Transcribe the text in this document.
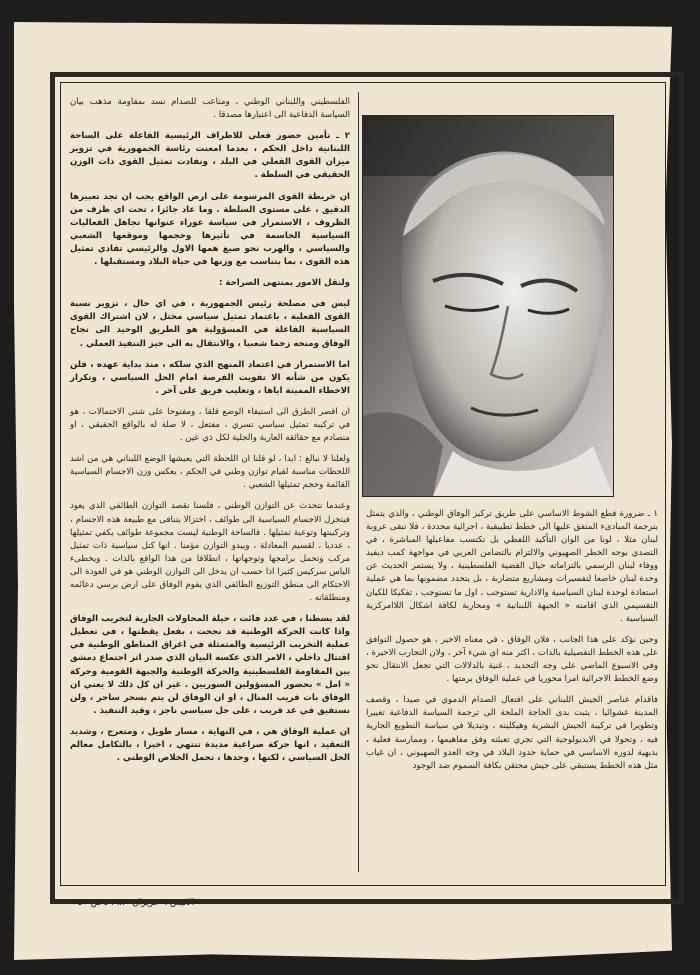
الفلسطيني واللبناني الوطني ، ومتاعب للصدام نسد بمقاومة مذهب بيان السياسة الدفاعية الى اعتبارها مصدقا .

٢ ـ تأمين حضور فعلي للاطراف الرئيسية الفاعلة على الساحة اللبنانية داخل الحكم ، بعدما امعنت رئاسة الجمهورية في تزوير ميزان القوى الفعلي في البلد ، ونفادت تمثيل القوى ذات الوزن الحقيقي في السلطة .

ان خريطة القوى المرسومة على ارض الواقع يجب ان تجد تعبيرها الدقيق ، على مستوى السلطة . وما عاد جائزا ، تحت اي ظرف من الظروف ، الاستمرار في سياسة عوراء عنوانها تجاهل الفعاليات السياسية الحاسمة في تأثيرها وحجمها وموقعها الشعبي والسياسي ، والهرب نحو صيغ همها الاول والرئيسي تفادي تمثيل هذه القوى ، بما يتناسب مع وزنها في حياة البلاد ومستقبلها .

ولنقل الامور بمنتهى الصراحة :

ليس في مصلحة رئيس الجمهورية ، في اي حال ، تزوير نسبة القوى الفعلية ، باعتماد تمثيل سياسي مختل ، لان اشتراك القوى السياسية الفاعلة في المسؤولية هو الطريق الوحيد الى نجاح الوفاق ومنحه زخما شعبيا ، والانتقال به الى حيز التنفيذ العملي .

اما الاستمرار في اعتماد المنهج الذي سلكه ، منذ بداية عهده ، فلن يكون من شأنه الا تفويت الفرصة امام الحل السياسي ، وتكرار الاخطاء المميتة اياها ، وتغليب فريق على آخر .

ان اقصر الطرق الى استيفاء الوضع قلقا ، ومفتوحا على شتى الاحتمالات ، هو في تركيبه تمثيل سياسي تسري ، مفتعل ، لا صلة له بالواقع الحقيقي ، او متصادم مع حقائقه العارية والجلية لكل ذي عين .

ولعلنا لا نبالغ : ابدا ، لو قلنا ان اللحظة التي يعيشها الوضع اللبناني هي من اشد اللحظات مناسبة لقيام توازن وطني في الحكم ، يعكس وزن الاجسام السياسية القائمة وحجم تمثيلها الشعبي .

وعندما نتحدث عن التوازن الوطني ، فلسنا نقصد التوازن الطائفي الذي يعود فيتخزل الاجسام السياسية الى طوائف ، اختزالا يتنافى مع طبيعة هذه الاجسام ، وتركيبتها وتوعية تمثيلها . فالساحة الوطنية ليست مجموعة طوائف يكفي تمثيلها ، عدديا ، لقسيم المعادلة ، ويبدو التوازن مؤمنا . انها كتل سياسية ذات تمثيل مركب وتحمل برامجها وتوجهاتها ، انطلاقا من هذا الواقع بالذات . ويخطىء الياس سركيس كثيرا اذا حسب ان يدخل الى التوازن الوطني هو في العودة الى الاحتكام الى منطق التوزيع الطائفي الذي يقوم الوفاق على ارض برسي دعائمه ومنطلقاته .

لقد بسطنا ، في عدد فائت ، حيلة المحاولات الجارية لتخريب الوفاق واذا كانت الحركة الوطنية قد نجحت ، بفعل يقظتها ، في تعطيل عملية التخريب الرئيسية والمتمثلة في اغراق المناطق الوطنية في اقتتال داخلي ، الامر الذي عكسه البيان الذي صدر اثر اجتماع دمشق بين المقاومة الفلسطينية والحركة الوطنية والجبهة القومية وحركة « امل » بحضور المسؤولين السوريين . غير ان كل ذلك لا يعني ان الوفاق بات قريب المنال ، او ان الوفاق لن يتم بسحر ساحر ، ولن نستفيق في غد قريب ، على حل سياسي ناجز ، وقيد التنفيذ .

ان عملية الوفاق هي ، في النهاية ، مسار طويل ، ومتعرج ، وشديد التعقيد ، انها حركة صراعية مديدة تنتهي ، اخيرا ، بالتكامل معالم الحل السياسي ، لكنها ، وحدها ، تحمل الخلاص الوطني .

١ ـ ضرورة قطع الشوط الاساسي على طريق تركيز الوفاق الوطني ، والذي يتمثل بترجمة المبادىء المتفق عليها الى خطط تطبيقية ، اجرائية محددة ، فلا تبقى عروبة لبنان مثلا ، لونا من الوان التأكيد اللفظي بل تكتسب مفاعيلها المباشرة ، في التصدي بوجه الخطر الصهيوني والالتزام بالتضامن العربي في مواجهة كمب ديفيد ووفاء لبنان الرسمي بالتزاماته حيال القضية الفلسطينية ، ولا يستمر الحديث عن وحدة لبنان خاضعا لتفسيرات ومشاريع متضاربة ، بل يتحدد مضمونها بما هي عملية استعادة لوحدة لبنان السياسية والادارية تستوجب ، اول ما تستوجب ، تفكيكا للكيان التقسيمي الذي اقامته « الجبهة اللبنانية » ومحاربة لكافة اشكال اللاامركزية السياسية .

وحين نؤكد على هذا الجانب ، فلان الوفاق ، في معناه الاخير ، هو حصول التوافق على هذه الخطط التفصيلية بالذات ، اكثر منه اي شيء آخر ، ولان التجارب الاخيرة ، وفي الاسبوع الماضي على وجه التحديد ، غنية بالدلالات التي تجعل الانتقال نحو وضع الخطط الاجرائية امرا محوريا في عملية الوفاق برمتها .

فاقدام عناصر الجيش اللبناني على افتعال الصدام الدموي في صيدا ، وقصف المدينة عشوائيا ، يثبت بدى الحاجة الملحة الى ترجمة السياسة الدفاعية تغييرا وتطويرا في تركيبة الجيش البشرية وهيكليته ، وتبديلا في سياسة التطويع الجارية فيه ، وتحولا في الايديولوجية التي تجري تعبئته وفق مفاهيمها ، وممارسة فعلية ، بديهية لدوره الاساسي في حماية حدود البلاد في وجه العدو الصهيوني ، ان غياب مثل هذه الخطط يستبقي على جيش محتقن بكافة السموم ضد الوجود

الانيس ٩ حزيران ١٩٨٠ ـ ص «٥»
